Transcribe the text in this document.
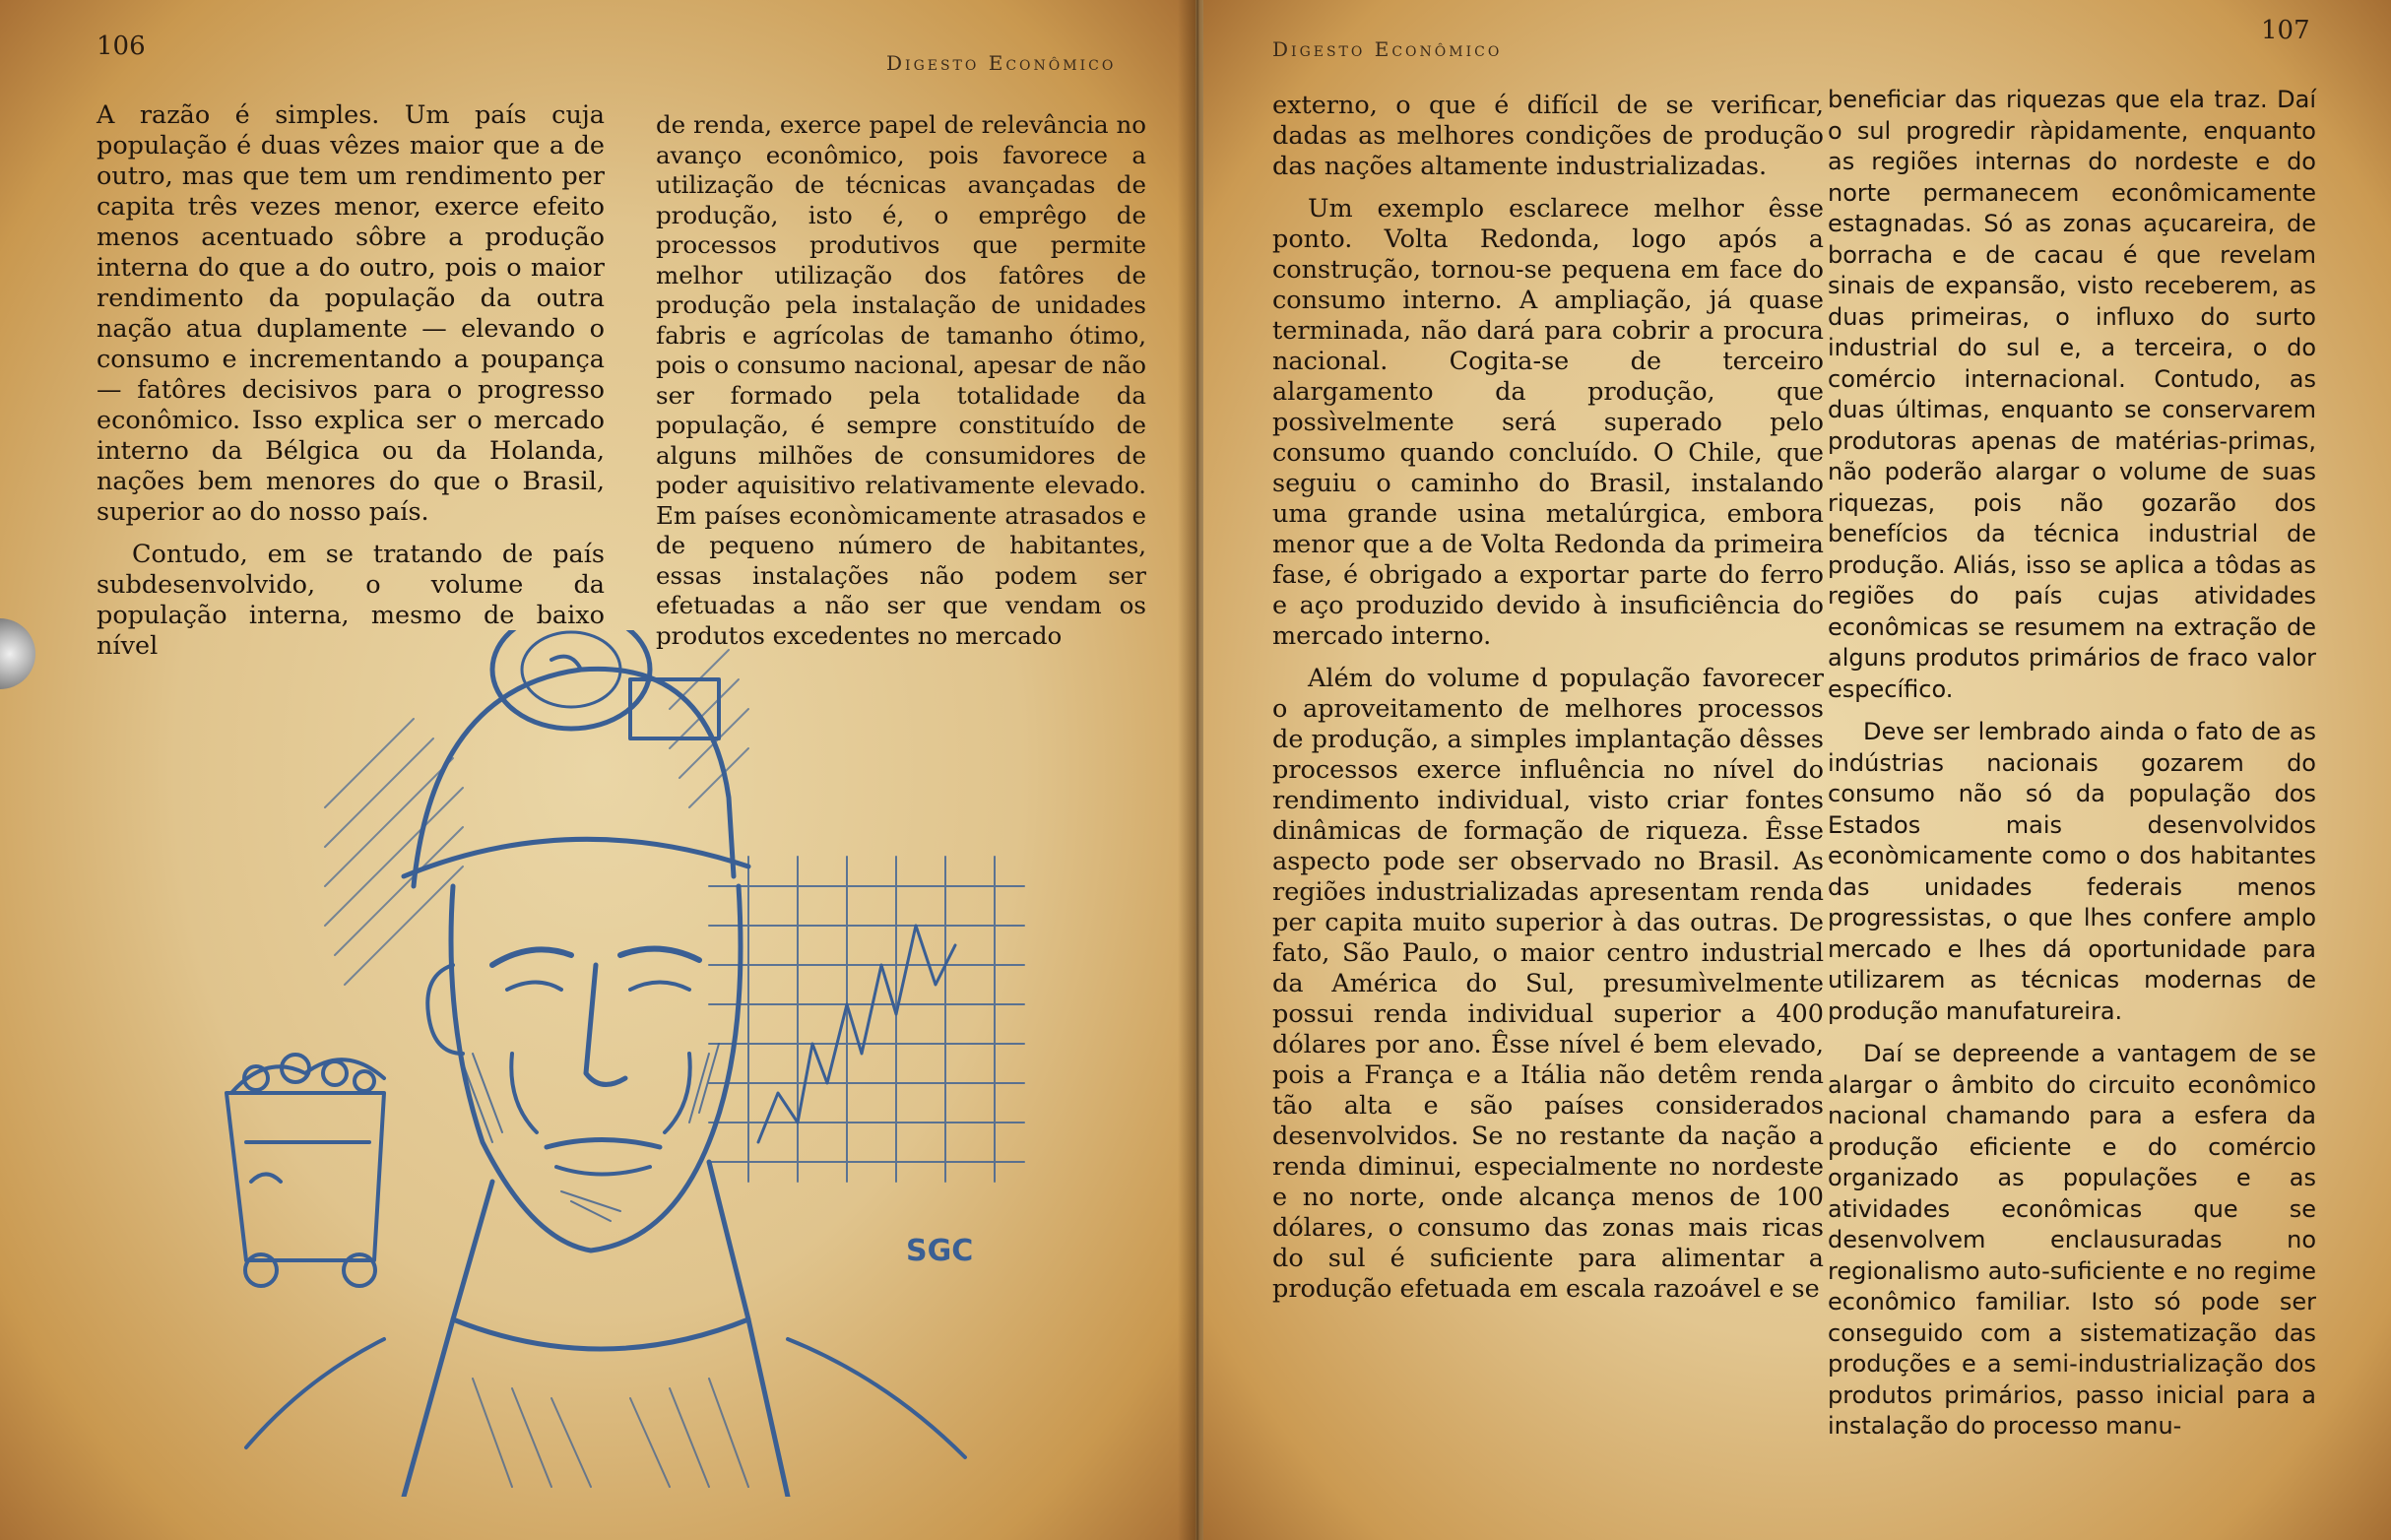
106
Digesto Econômico

A razão é simples. Um país cuja população é duas vêzes maior que a de outro, mas que tem um rendimento per capita três vezes menor, exerce efeito menos acentuado sôbre a produção interna do que a do outro, pois o maior rendimento da população da outra nação atua duplamente — elevando o consumo e incrementando a poupança — fatôres decisivos para o progresso econômico. Isso explica ser o mercado interno da Bélgica ou da Holanda, nações bem menores do que o Brasil, superior ao do nosso país.

Contudo, em se tratando de país subdesenvolvido, o volume da população interna, mesmo de baixo nível

de renda, exerce papel de relevância no avanço econômico, pois favorece a utilização de técnicas avançadas de produção, isto é, o emprêgo de processos produtivos que permite melhor utilização dos fatôres de produção pela instalação de unidades fabris e agrícolas de tamanho ótimo, pois o consumo nacional, apesar de não ser formado pela totalidade da população, é sempre constituído de alguns milhões de consumidores de poder aquisitivo relativamente elevado. Em países econòmicamente atrasados e de pequeno número de habitantes, essas instalações não podem ser efetuadas a não ser que vendam os produtos excedentes no mercado

SGC
Digesto Econômico
107

externo, o que é difícil de se verificar, dadas as melhores condições de produção das nações altamente industrializadas.

Um exemplo esclarece melhor êsse ponto. Volta Redonda, logo após a construção, tornou-se pequena em face do consumo interno. A ampliação, já quase terminada, não dará para cobrir a procura nacional. Cogita-se de terceiro alargamento da produção, que possìvelmente será superado pelo consumo quando concluído. O Chile, que seguiu o caminho do Brasil, instalando uma grande usina metalúrgica, embora menor que a de Volta Redonda da primeira fase, é obrigado a exportar parte do ferro e aço produzido devido à insuficiência do mercado interno.

Além do volume d população favorecer o aproveitamento de melhores processos de produção, a simples implantação dêsses processos exerce influência no nível do rendimento individual, visto criar fontes dinâmicas de formação de riqueza. Êsse aspecto pode ser observado no Brasil. As regiões industrializadas apresentam renda per capita muito superior à das outras. De fato, São Paulo, o maior centro industrial da América do Sul, presumìvelmente possui renda individual superior a 400 dólares por ano. Êsse nível é bem elevado, pois a França e a Itália não detêm renda tão alta e são países considerados desenvolvidos. Se no restante da nação a renda diminui, especialmente no nordeste e no norte, onde alcança menos de 100 dólares, o consumo das zonas mais ricas do sul é suficiente para alimentar a produção efetuada em escala razoável e se

beneficiar das riquezas que ela traz. Daí o sul progredir ràpidamente, enquanto as regiões internas do nordeste e do norte permanecem econômicamente estagnadas. Só as zonas açucareira, de borracha e de cacau é que revelam sinais de expansão, visto receberem, as duas primeiras, o influxo do surto industrial do sul e, a terceira, o do comércio internacional. Contudo, as duas últimas, enquanto se conservarem produtoras apenas de matérias-primas, não poderão alargar o volume de suas riquezas, pois não gozarão dos benefícios da técnica industrial de produção. Aliás, isso se aplica a tôdas as regiões do país cujas atividades econômicas se resumem na extração de alguns produtos primários de fraco valor específico.

Deve ser lembrado ainda o fato de as indústrias nacionais gozarem do consumo não só da população dos Estados mais desenvolvidos econòmicamente como o dos habitantes das unidades federais menos progressistas, o que lhes confere amplo mercado e lhes dá oportunidade para utilizarem as técnicas modernas de produção manufatureira.

Daí se depreende a vantagem de se alargar o âmbito do circuito econômico nacional chamando para a esfera da produção eficiente e do comércio organizado as populações e as atividades econômicas que se desenvolvem enclausuradas no regionalismo auto-suficiente e no regime econômico familiar. Isto só pode ser conseguido com a sistematização das produções e a semi-industrialização dos produtos primários, passo inicial para a instalação do processo manu-
